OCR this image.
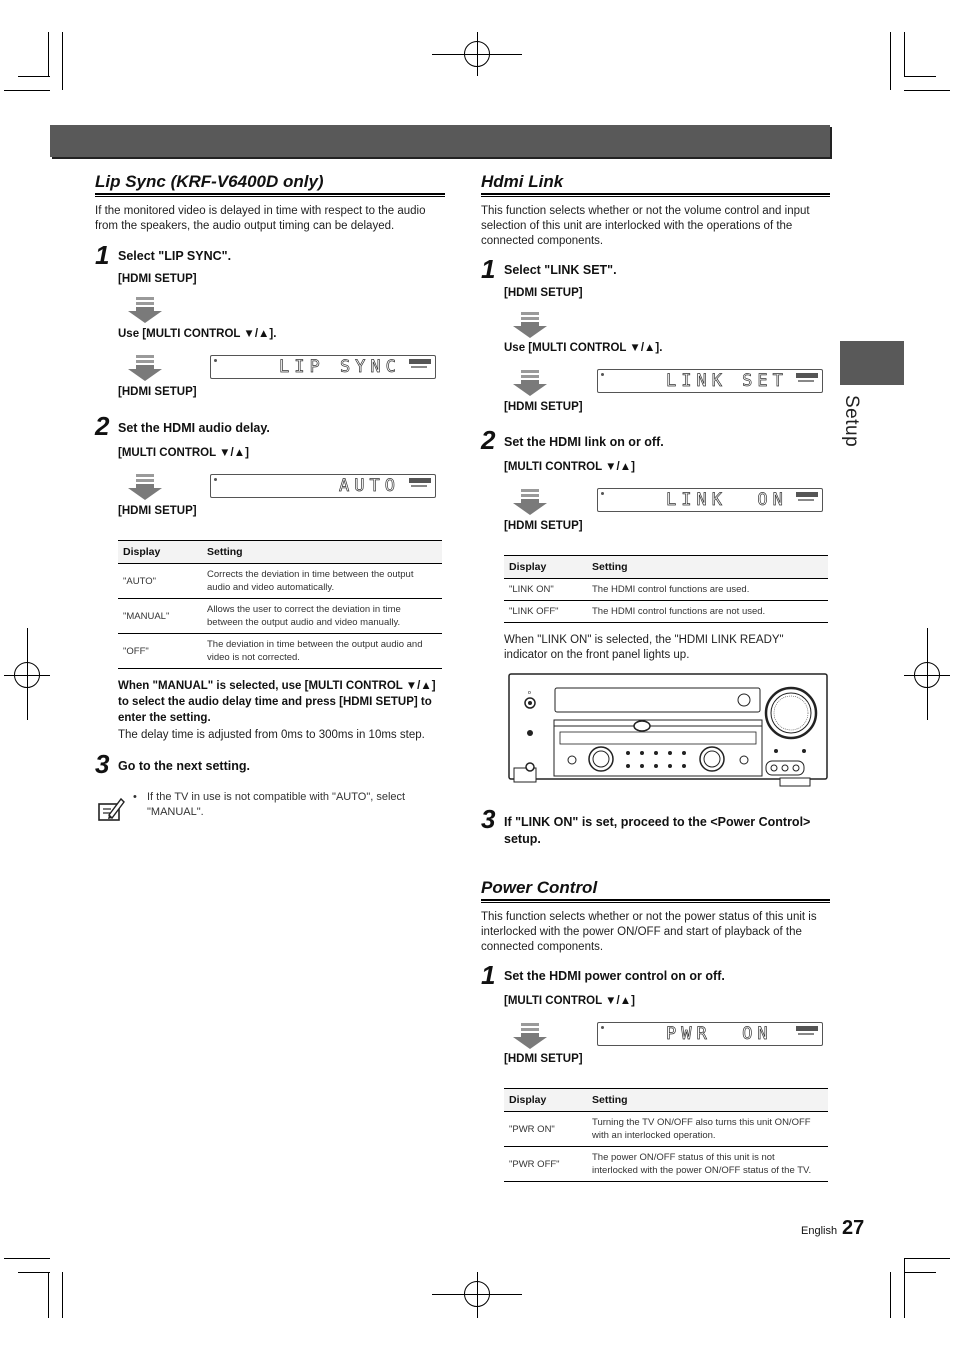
Setup
Lip Sync (KRF-V6400D only)
If the monitored video is delayed in time with respect to the audio from the speakers, the audio output timing can be delayed.
1 Select "LIP SYNC".
[HDMI SETUP]
Use [MULTI CONTROL ▼/▲].
LIP SYNC
[HDMI SETUP]
2 Set the HDMI audio delay.
[MULTI CONTROL ▼/▲]
AUTO
[HDMI SETUP]
Display	Setting
"AUTO"	Corrects the deviation in time between the output audio and video automatically.
"MANUAL"	Allows the user to correct the deviation in time between the output audio and video manually.
"OFF"	The deviation in time between the output audio and video is not corrected.
When "MANUAL" is selected, use [MULTI CONTROL ▼/▲] to select the audio delay time and press [HDMI SETUP] to enter the setting.
The delay time is adjusted from 0ms to 300ms in 10ms step.
3 Go to the next setting.
• If the TV in use is not compatible with "AUTO", select "MANUAL".
Hdmi Link
This function selects whether or not the volume control and input selection of this unit are interlocked with the operations of the connected components.
1 Select "LINK SET".
[HDMI SETUP]
Use [MULTI CONTROL ▼/▲].
LINK SET
[HDMI SETUP]
2 Set the HDMI link on or off.
[MULTI CONTROL ▼/▲]
LINK  ON
[HDMI SETUP]
Display	Setting
"LINK ON"	The HDMI control functions are used.
"LINK OFF"	The HDMI control functions are not used.
When "LINK ON" is selected, the "HDMI LINK READY" indicator on the front panel lights up.
o
3 If "LINK ON" is set, proceed to the <Power Control> setup.
Power Control
This function selects whether or not the power status of this unit is interlocked with the power ON/OFF and start of playback of the connected components.
1 Set the HDMI power control on or off.
[MULTI CONTROL ▼/▲]
PWR  ON
[HDMI SETUP]
Display	Setting
"PWR ON"	Turning the TV ON/OFF also turns this unit ON/OFF with an interlocked operation.
"PWR OFF"	The power ON/OFF status of this unit is not interlocked with the power ON/OFF status of the TV.
English 27
